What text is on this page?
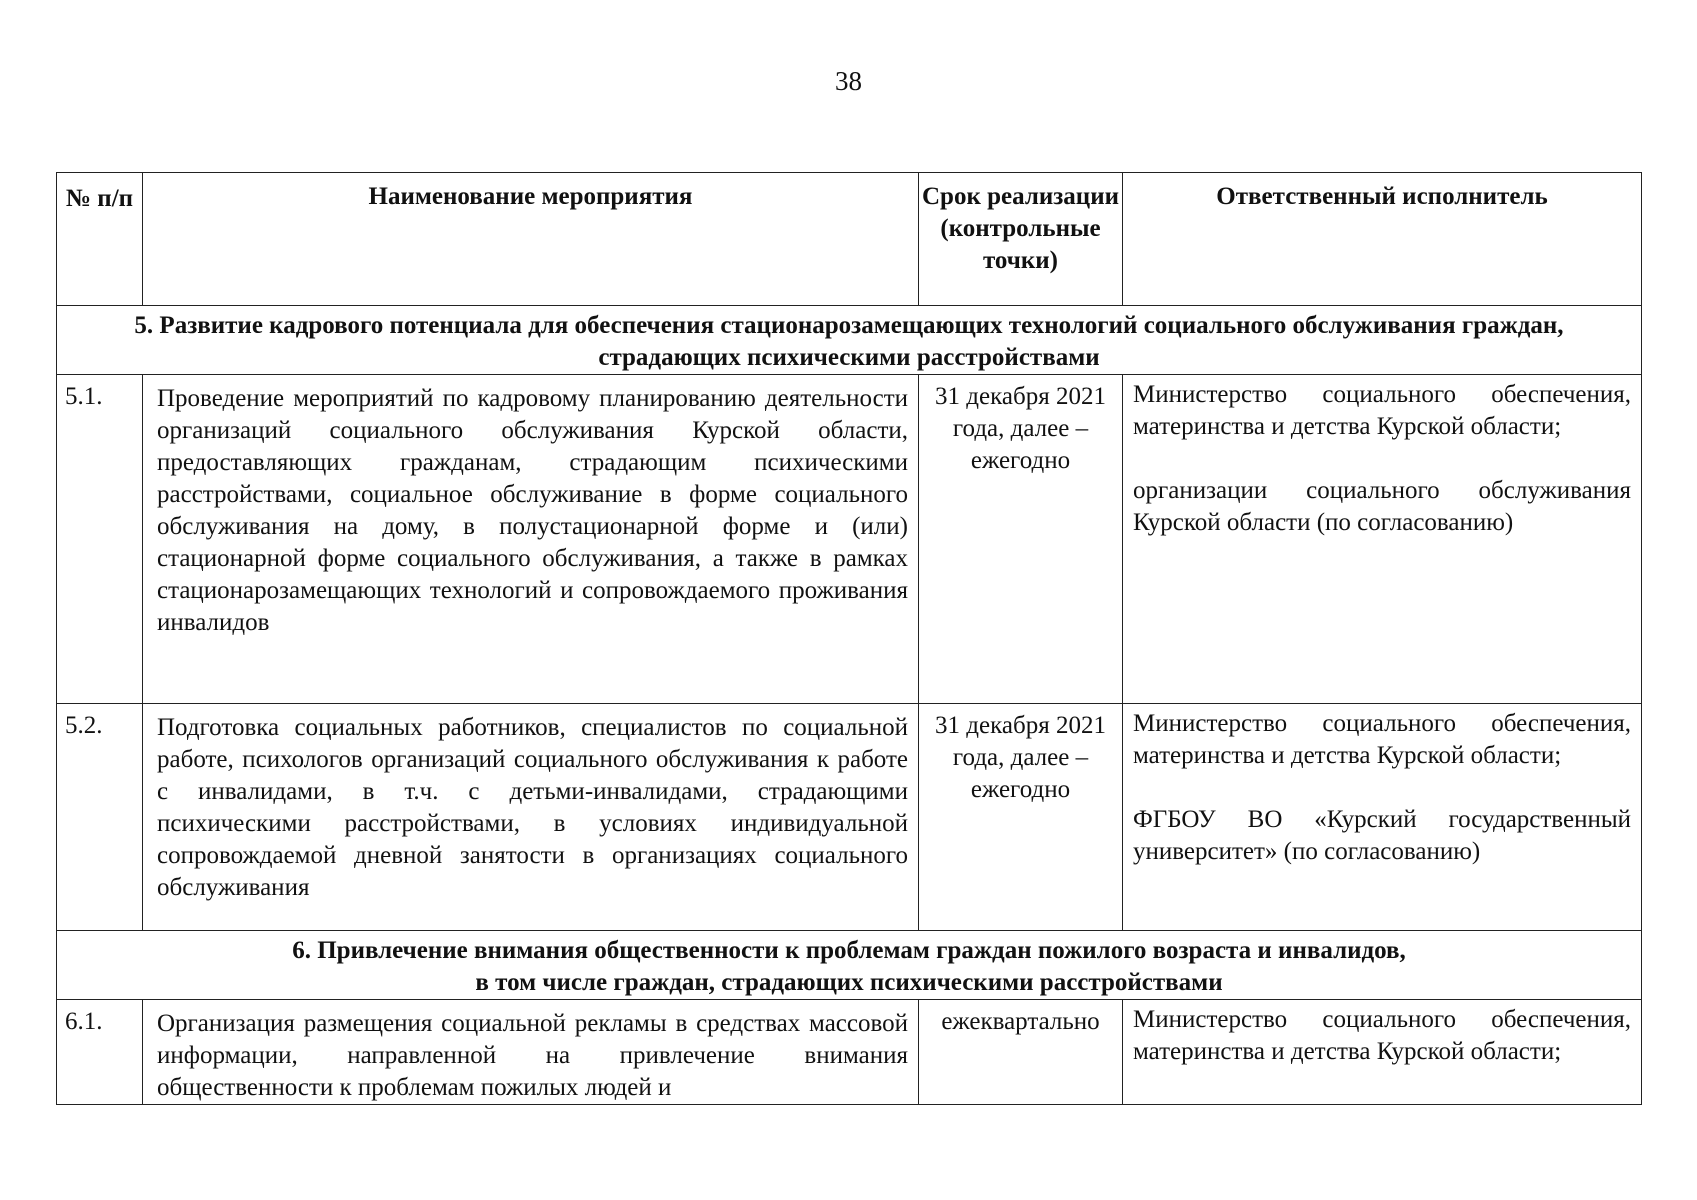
38
№ п/п	Наименование мероприятия	Срок реализации (контрольные точки)	Ответственный исполнитель
5. Развитие кадрового потенциала для обеспечения стационарозамещающих технологий социального обслуживания граждан, страдающих психическими расстройствами			
5.1.	Проведение мероприятий по кадровому планированию деятельности организаций социального обслуживания Курской области, предоставляющих гражданам, страдающим психическими расстройствами, социальное обслуживание в форме социального обслуживания на дому, в полустационарной форме и (или) стационарной форме социального обслуживания, а также в рамках стационарозамещающих технологий и сопровождаемого проживания инвалидов	31 декабря 2021 года, далее – ежегодно	Министерство социального обеспечения, материнства и детства Курской области;

организации социального обслуживания Курской области (по согласованию)

5.2.	Подготовка социальных работников, специалистов по социальной работе, психологов организаций социального обслуживания к работе с инвалидами, в т.ч. с детьми-инвалидами, страдающими психическими расстройствами, в условиях индивидуальной сопровождаемой дневной занятости в организациях социального обслуживания	31 декабря 2021 года, далее – ежегодно	Министерство социального обеспечения, материнства и детства Курской области;

ФГБОУ ВО «Курский государственный университет» (по согласованию)

6. Привлечение внимания общественности к проблемам граждан пожилого возраста и инвалидов,
в том числе граждан, страдающих психическими расстройствами			

6.1.	Организация размещения социальной рекламы в средствах массовой информации, направленной на привлечение внимания общественности к проблемам пожилых людей и	ежеквартально	Министерство социального обеспечения, материнства и детства Курской области;
